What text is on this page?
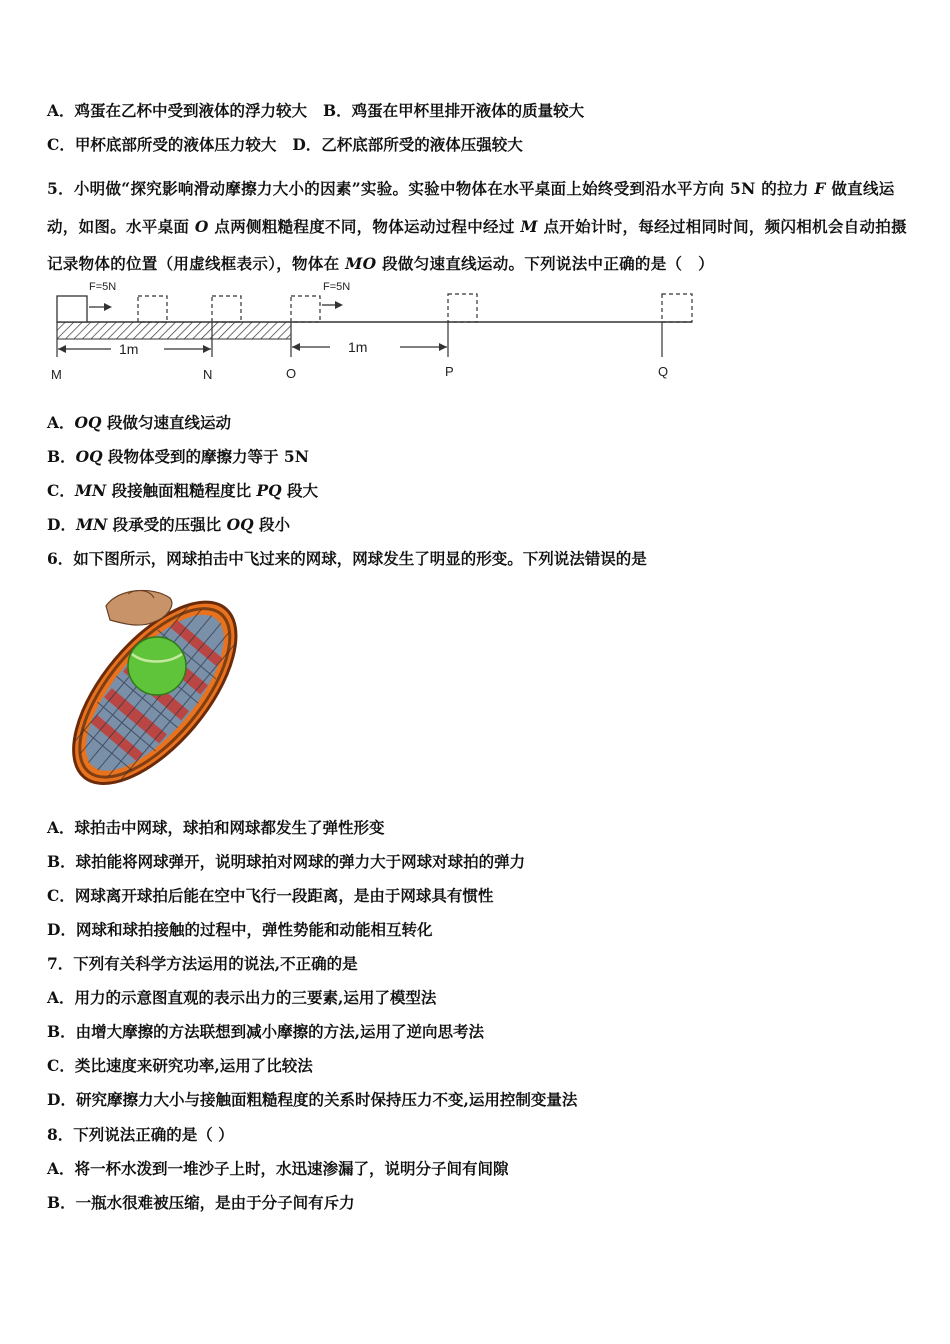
A．鸡蛋在乙杯中受到液体的浮力较大 B．鸡蛋在甲杯里排开液体的质量较大
C．甲杯底部所受的液体压力较大 D．乙杯底部所受的液体压强较大
5．小明做“探究影响滑动摩擦力大小的因素”实验。实验中物体在水平桌面上始终受到沿水平方向 5N 的拉力 F 做直线运动，如图。水平桌面 O 点两侧粗糙程度不同，物体运动过程中经过 M 点开始计时，每经过相同时间，频闪相机会自动拍摄记录物体的位置（用虚线框表示），物体在 MO 段做匀速直线运动。下列说法中正确的是（　）
F=5N	F=5N
1m	1m
M	N	O	P	Q
A．OQ 段做匀速直线运动
B．OQ 段物体受到的摩擦力等于 5N
C．MN 段接触面粗糙程度比 PQ 段大
D．MN 段承受的压强比 OQ 段小
6．如下图所示，网球拍击中飞过来的网球，网球发生了明显的形变。下列说法错误的是
A．球拍击中网球，球拍和网球都发生了弹性形变
B．球拍能将网球弹开，说明球拍对网球的弹力大于网球对球拍的弹力
C．网球离开球拍后能在空中飞行一段距离，是由于网球具有惯性
D．网球和球拍接触的过程中，弹性势能和动能相互转化
7．下列有关科学方法运用的说法,不正确的是
A．用力的示意图直观的表示出力的三要素,运用了模型法
B．由增大摩擦的方法联想到减小摩擦的方法,运用了逆向思考法
C．类比速度来研究功率,运用了比较法
D．研究摩擦力大小与接触面粗糙程度的关系时保持压力不变,运用控制变量法
8．下列说法正确的是（ ）
A．将一杯水泼到一堆沙子上时，水迅速渗漏了，说明分子间有间隙
B．一瓶水很难被压缩，是由于分子间有斥力
